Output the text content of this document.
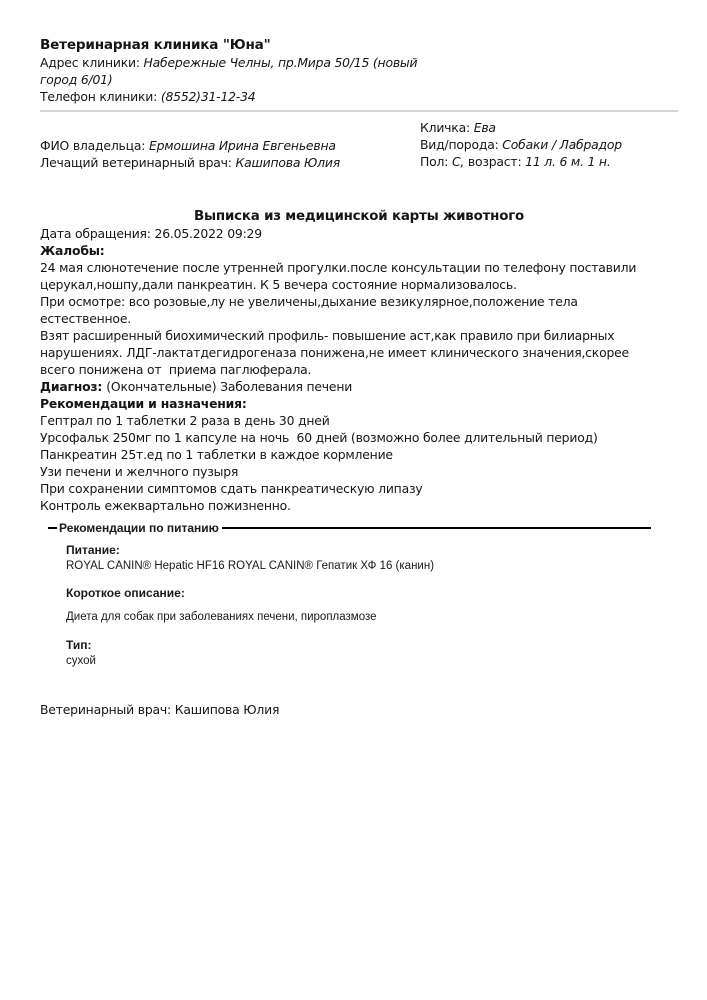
Ветеринарная клиника "Юна"
Адрес клиники: Набережные Челны, пр.Мира 50/15 (новый город 6/01)
Телефон клиники: (8552)31-12-34
ФИО владельца: Ермошина Ирина Евгеньевна
Лечащий ветеринарный врач: Кашипова Юлия
Кличка: Ева
Вид/порода: Собаки / Лабрадор
Пол: С, возраст: 11 л. 6 м. 1 н.
Выписка из медицинской карты животного
Дата обращения: 26.05.2022 09:29
Жалобы:
24 мая слюнотечение после утренней прогулки.после консультации по телефону поставили
церукал,ношпу,дали панкреатин. К 5 вечера состояние нормализовалось.
При осмотре: всо розовые,лу не увеличены,дыхание везикулярное,положение тела
естественное.
Взят расширенный биохимический профиль- повышение аст,как правило при билиарных
нарушениях. ЛДГ-лактатдегидрогеназа понижена,не имеет клинического значения,скорее
всего понижена от  приема паглюферала.
Диагноз: (Окончательные) Заболевания печени
Рекомендации и назначения:
Гептрал по 1 таблетки 2 раза в день 30 дней
Урсофальк 250мг по 1 капсуле на ночь  60 дней (возможно более длительный период)
Панкреатин 25т.ед по 1 таблетки в каждое кормление
Узи печени и желчного пузыря
При сохранении симптомов сдать панкреатическую липазу
Контроль ежеквартально пожизненно.
Рекомендации по питанию
Питание:
ROYAL CANIN® Hepatic HF16 ROYAL CANIN® Гепатик ХФ 16 (канин)
Короткое описание:
Диета для собак при заболеваниях печени, пироплазмозе
Тип:
сухой
Ветеринарный врач: Кашипова Юлия
